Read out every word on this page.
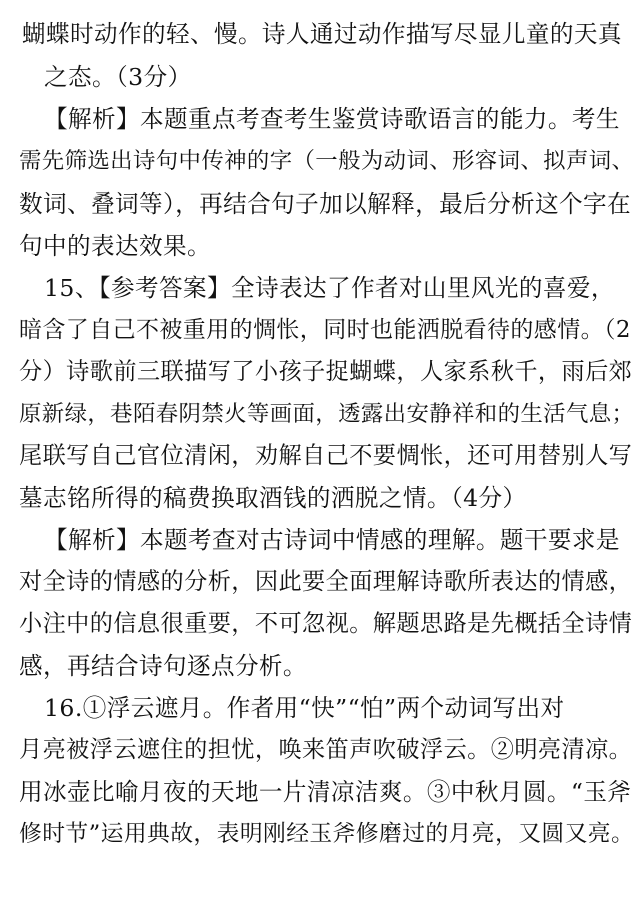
蝴蝶时动作的轻、慢。诗人通过动作描写尽显儿童的天真
之态。（3分）
【解析】本题重点考查考生鉴赏诗歌语言的能力。考生
需先筛选出诗句中传神的字（一般为动词、形容词、拟声词、
数词、叠词等），再结合句子加以解释，最后分析这个字在
句中的表达效果。
15、【参考答案】全诗表达了作者对山里风光的喜爱，
暗含了自己不被重用的惆怅，同时也能洒脱看待的感情。（2
分）诗歌前三联描写了小孩子捉蝴蝶，人家系秋千，雨后郊
原新绿，巷陌春阴禁火等画面，透露出安静祥和的生活气息；
尾联写自己官位清闲，劝解自己不要惆怅，还可用替别人写
墓志铭所得的稿费换取酒钱的洒脱之情。（4分）
【解析】本题考查对古诗词中情感的理解。题干要求是
对全诗的情感的分析，因此要全面理解诗歌所表达的情感，
小注中的信息很重要，不可忽视。解题思路是先概括全诗情
感，再结合诗句逐点分析。
16.①浮云遮月。作者用“快”“怕”两个动词写出对
月亮被浮云遮住的担忧，唤来笛声吹破浮云。②明亮清凉。
用冰壶比喻月夜的天地一片清凉洁爽。③中秋月圆。“玉斧
修时节”运用典故，表明刚经玉斧修磨过的月亮，又圆又亮。
